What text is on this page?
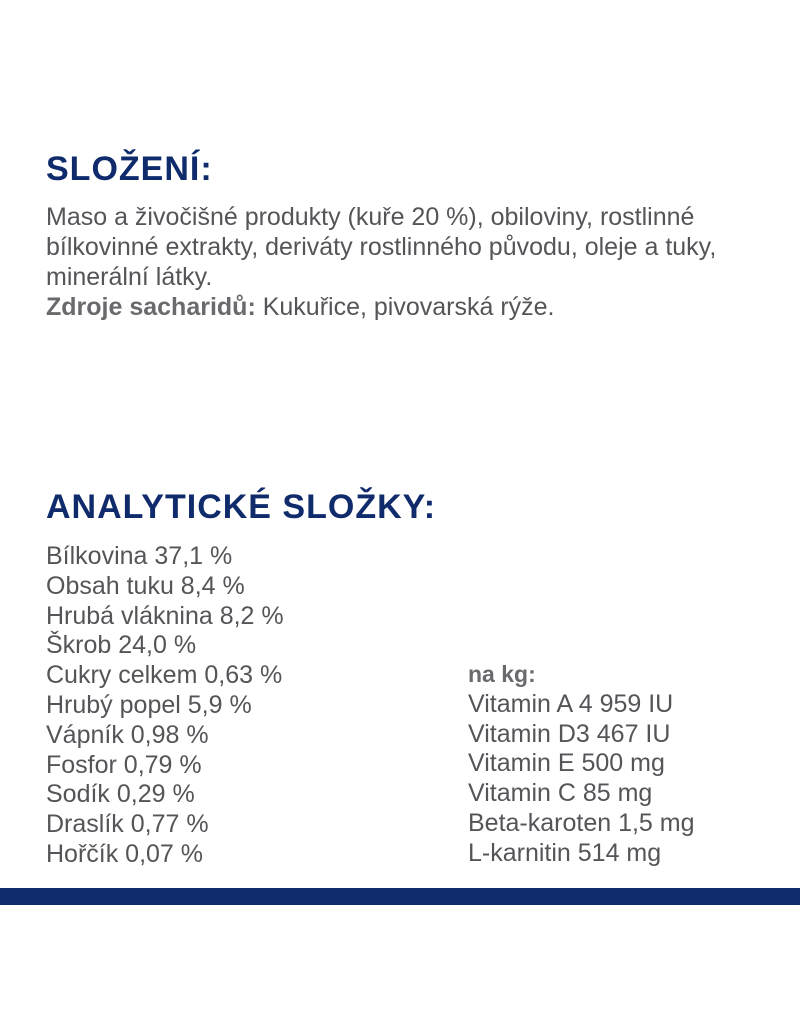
SLOŽENÍ:

Maso a živočišné produkty (kuře 20 %), obiloviny, rostlinné bílkovinné extrakty, deriváty rostlinného původu, oleje a tuky, minerální látky.
Zdroje sacharidů: Kukuřice, pivovarská rýže.

ANALYTICKÉ SLOŽKY:
Bílkovina 37,1 %
Obsah tuku 8,4 %
Hrubá vláknina 8,2 %
Škrob 24,0 %
Cukry celkem 0,63 %
Hrubý popel 5,9 %
Vápník 0,98 %
Fosfor 0,79 %
Sodík 0,29 %
Draslík 0,77 %
Hořčík 0,07 %
na kg:
Vitamin A 4 959 IU
Vitamin D3 467 IU
Vitamin E 500 mg
Vitamin C 85 mg
Beta-karoten 1,5 mg
L-karnitin 514 mg
